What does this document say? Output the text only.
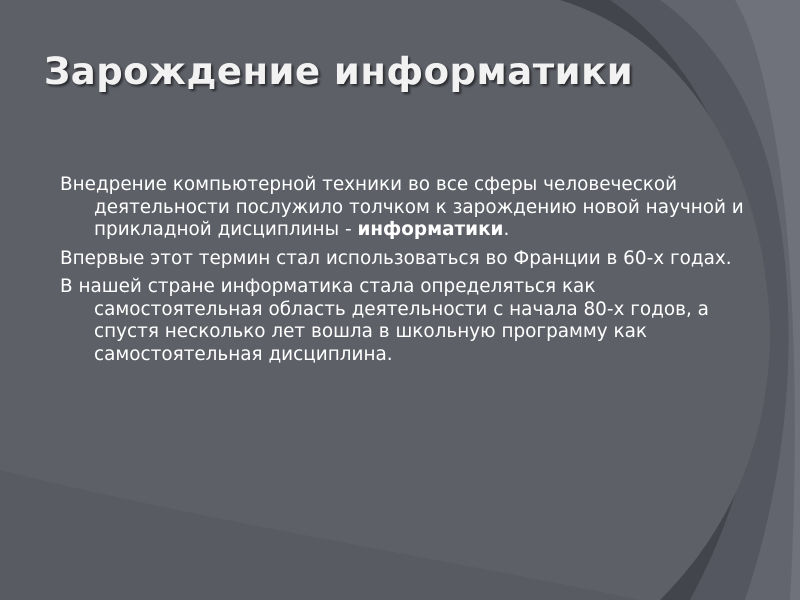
Зарождение информатики

Внедрение компьютерной техники во все сферы человеческой деятельности послужило толчком к зарождению новой научной и прикладной дисциплины - информатики.

Впервые этот термин стал использоваться во Франции в 60-х годах.

В нашей стране информатика стала определяться как самостоятельная область деятельности с начала 80-х годов, а спустя несколько лет вошла в школьную программу как самостоятельная дисциплина.
